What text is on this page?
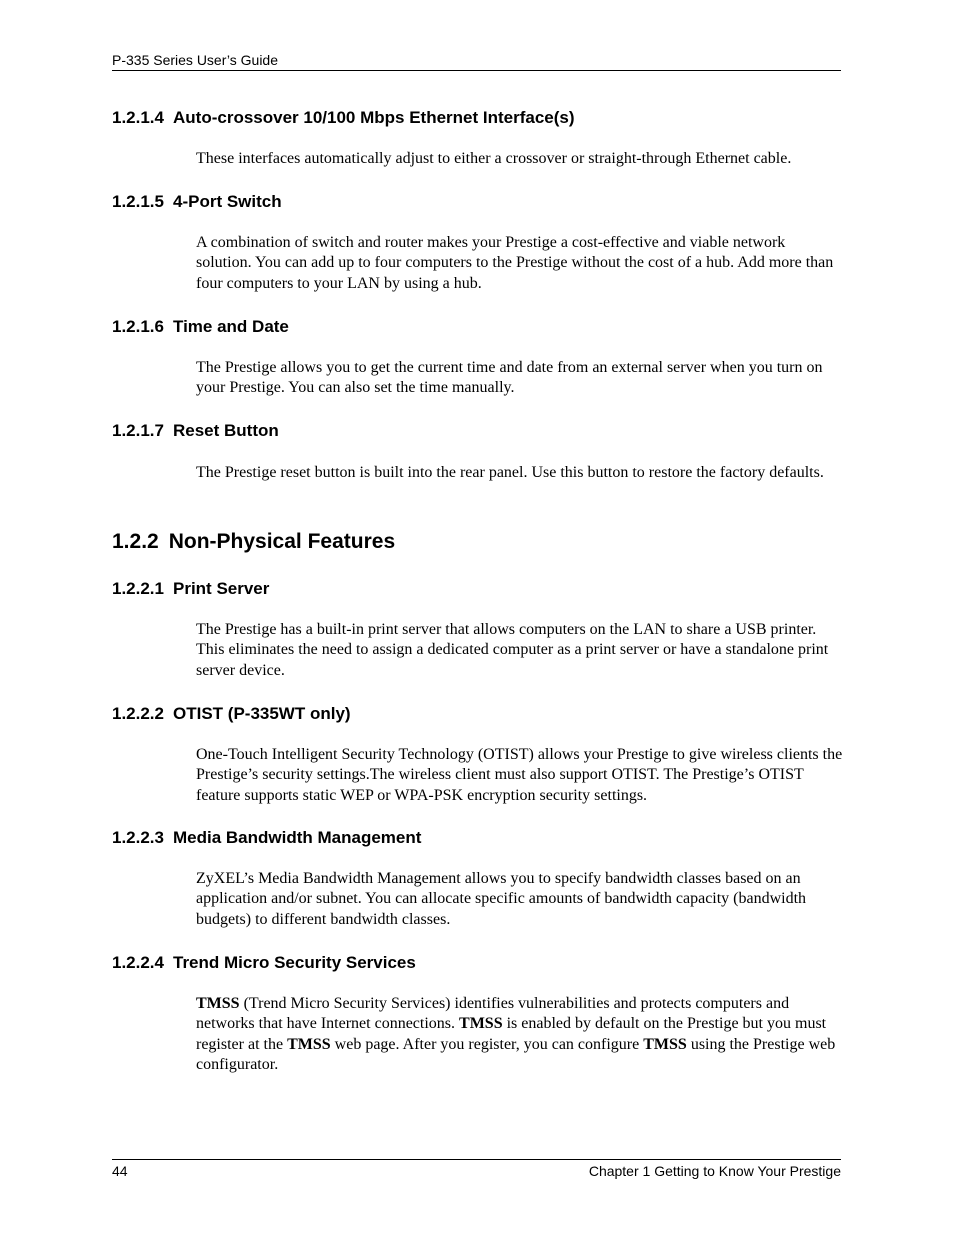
P-335 Series User’s Guide
1.2.1.4 Auto-crossover 10/100 Mbps Ethernet Interface(s)

These interfaces automatically adjust to either a crossover or straight-through Ethernet cable.

1.2.1.5 4-Port Switch

A combination of switch and router makes your Prestige a cost-effective and viable network solution. You can add up to four computers to the Prestige without the cost of a hub. Add more than four computers to your LAN by using a hub.

1.2.1.6 Time and Date

The Prestige allows you to get the current time and date from an external server when you turn on your Prestige. You can also set the time manually.

1.2.1.7 Reset Button

The Prestige reset button is built into the rear panel. Use this button to restore the factory defaults.

1.2.2 Non-Physical Features
1.2.2.1 Print Server

The Prestige has a built-in print server that allows computers on the LAN to share a USB printer. This eliminates the need to assign a dedicated computer as a print server or have a standalone print server device.

1.2.2.2 OTIST (P-335WT only)

One-Touch Intelligent Security Technology (OTIST) allows your Prestige to give wireless clients the Prestige’s security settings.The wireless client must also support OTIST. The Prestige’s OTIST feature supports static WEP or WPA-PSK encryption security settings.

1.2.2.3 Media Bandwidth Management

ZyXEL’s Media Bandwidth Management allows you to specify bandwidth classes based on an application and/or subnet. You can allocate specific amounts of bandwidth capacity (bandwidth budgets) to different bandwidth classes.

1.2.2.4 Trend Micro Security Services

TMSS (Trend Micro Security Services) identifies vulnerabilities and protects computers and networks that have Internet connections. TMSS is enabled by default on the Prestige but you must register at the TMSS web page. After you register, you can configure TMSS using the Prestige web configurator.

44	Chapter 1 Getting to Know Your Prestige
